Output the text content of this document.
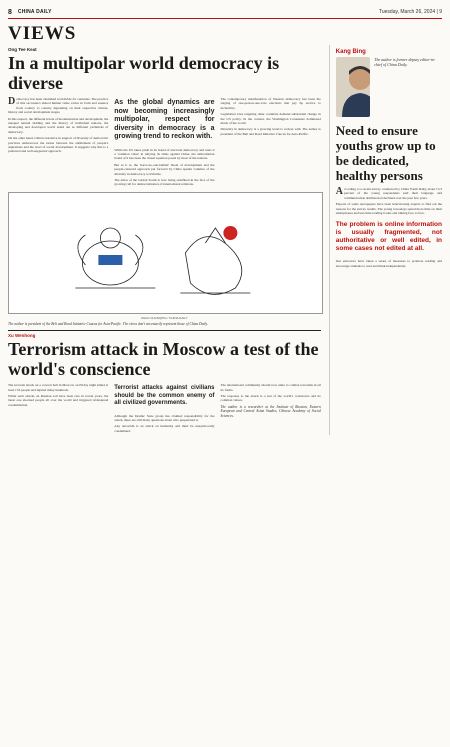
8 CHINA DAILY	Tuesday, March 26, 2024 | 9
VIEWS
Ong Tee Keat
In a multipolar world democracy is diverse

Democracy has been cherished worldwide for centuries. The practice of this sacrosanct shared human value varies in form and essence from country to country depending on their respective culture, history and social development stages.

In this respect, the different levels of modernization and development, the unequal natural bidding and the history of individual nations, the developing and developed world stand out as different yardsticks of democracy.

On the other hand, China's narrative in support of diversity of democratic practices underscores the nexus between the entitlement of people's aspirations and the level of social development. It suggests why this is a preferred and well-supported approach.

As the global dynamics are now becoming increasingly multipolar, respect for diversity in democracy is a growing trend to reckon with.

While the US takes pride in its brand of electoral democracy and touts it a 'common value' in rallying its allies against China, the authoritarian brand of it has been the visual equation posed by most of the nations.

But as it is, the 'leave-no-one-behind' mode of development and the people-centered approach put forward by China speaks volumes of the diversity in democracy worldwide.

The ethos of the Global South is now being redefined in the face of the growing call for democratization of international relations.

The contemporary manifestation of Western democracy has been the staging of one-person-one-vote elections that pay lip service to inclusivity.

Legislation laws targeting other countries demand substantial change in the US policy. In the context, the Washington Consensus dominated much of the world.

Diversity in democracy is a growing trend to reckon with. The author is president of the Belt and Road Initiative Caucus for Asia-Pacific.

ZHAO CHUNQING / CHINA DAILY
The author is president of the Belt and Road Initiative Caucus for Asia-Pacific. The views don't necessarily represent those of China Daily.
Xu Wenhong
Terrorism attack in Moscow a test of the world's conscience

The terrorist attack on a concert hall in Moscow on Friday night killed at least 133 people and injured many hundreds.

While such attacks on Russian soil have been rare in recent years, the latest one shocked people all over the world and triggered widespread condemnation.

Terrorist attacks against civilians should be the common enemy of all civilized governments.

Although the Islamic State group has claimed responsibility for the attack, there are still many questions about who perpetrated it.

Any terrorism is an attack on humanity and must be unequivocally condemned.

The international community should now unite to combat terrorism in all its forms.

The response to the attack is a test of the world's conscience and its common values.

The author is a researcher at the Institute of Russian, Eastern European and Central Asian Studies, Chinese Academy of Social Sciences.
Kang Bing
The author is former deputy editor-in-chief of China Daily.
Need to ensure youths grow up to be dedicated, healthy persons

According to a recent survey conducted by China Youth Daily, about 13.3 percent of the young respondents said their language and communication abilities had declined over the past few years.

Experts of some newspapers have been interviewing experts to find out the reasons for the survey results. The young nowadays spend more time on their smartphones and less time reading books and talking face to face.

The problem is online information is usually fragmented, not authoritative or well edited, in some cases not edited at all.

Our educators have taken a series of measures to promote reading and encourage students to read and think independently.
